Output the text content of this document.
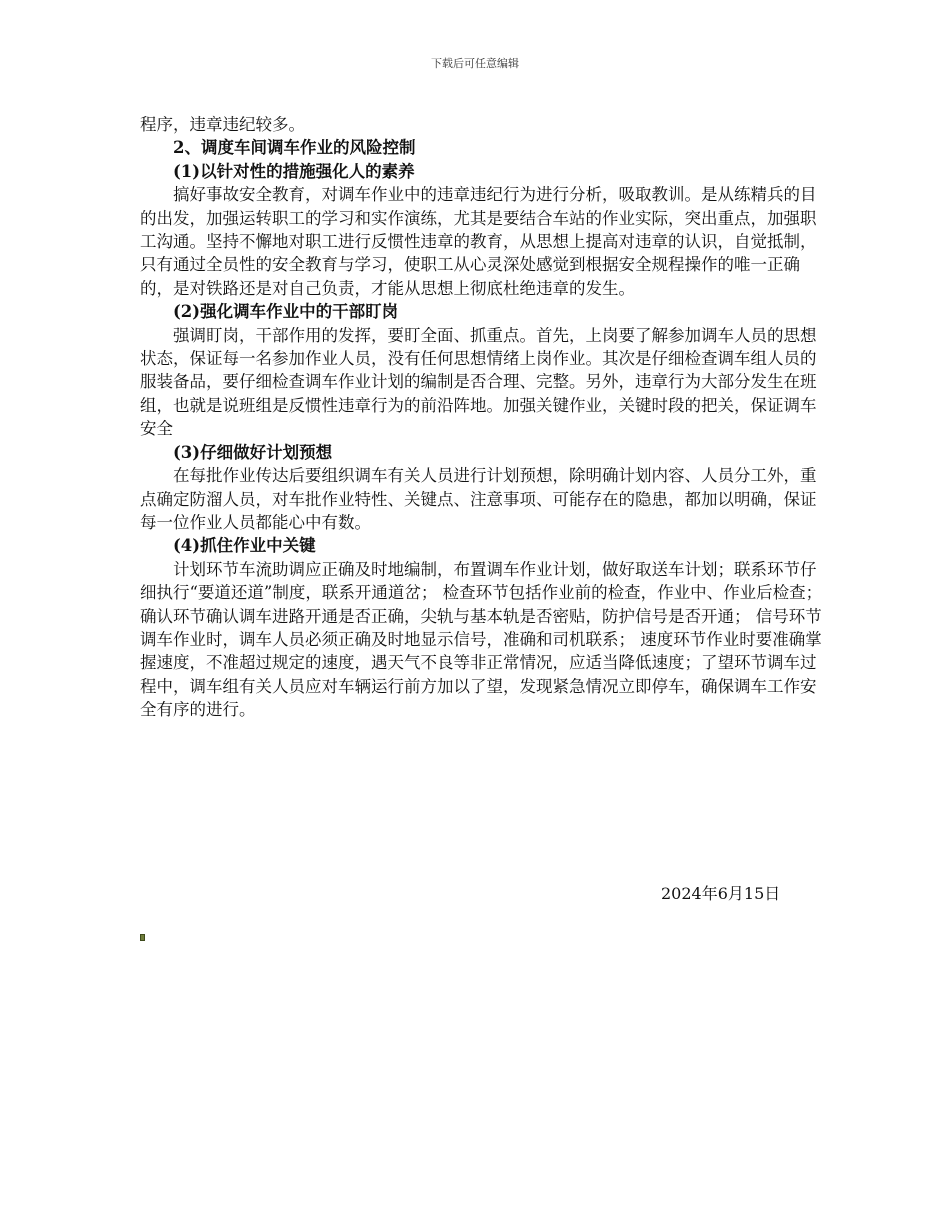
下载后可任意编辑

程序，违章违纪较多。

2、调度车间调车作业的风险控制

(1)以针对性的措施强化人的素养

搞好事故安全教育，对调车作业中的违章违纪行为进行分析，吸取教训。是从练精兵的目的出发，加强运转职工的学习和实作演练，尤其是要结合车站的作业实际，突出重点，加强职工沟通。坚持不懈地对职工进行反惯性违章的教育，从思想上提高对违章的认识，自觉抵制，只有通过全员性的安全教育与学习，使职工从心灵深处感觉到根据安全规程操作的唯一正确的，是对铁路还是对自己负责，才能从思想上彻底杜绝违章的发生。

(2)强化调车作业中的干部盯岗

强调盯岗，干部作用的发挥，要盯全面、抓重点。首先，上岗要了解参加调车人员的思想状态，保证每一名参加作业人员，没有任何思想情绪上岗作业。其次是仔细检查调车组人员的服装备品，要仔细检查调车作业计划的编制是否合理、完整。另外，违章行为大部分发生在班组，也就是说班组是反惯性违章行为的前沿阵地。加强关键作业，关键时段的把关，保证调车安全

(3)仔细做好计划预想

在每批作业传达后要组织调车有关人员进行计划预想，除明确计划内容、人员分工外，重点确定防溜人员，对车批作业特性、关键点、注意事项、可能存在的隐患，都加以明确，保证每一位作业人员都能心中有数。

(4)抓住作业中关键

计划环节车流助调应正确及时地编制，布置调车作业计划，做好取送车计划；联系环节仔细执行“要道还道”制度，联系开通道岔； 检查环节包括作业前的检查，作业中、作业后检查； 确认环节确认调车进路开通是否正确，尖轨与基本轨是否密贴，防护信号是否开通； 信号环节调车作业时，调车人员必须正确及时地显示信号，准确和司机联系； 速度环节作业时要准确掌握速度，不准超过规定的速度，遇天气不良等非正常情况，应适当降低速度；了望环节调车过程中，调车组有关人员应对车辆运行前方加以了望，发现紧急情况立即停车，确保调车工作安全有序的进行。

2024年6月15日
